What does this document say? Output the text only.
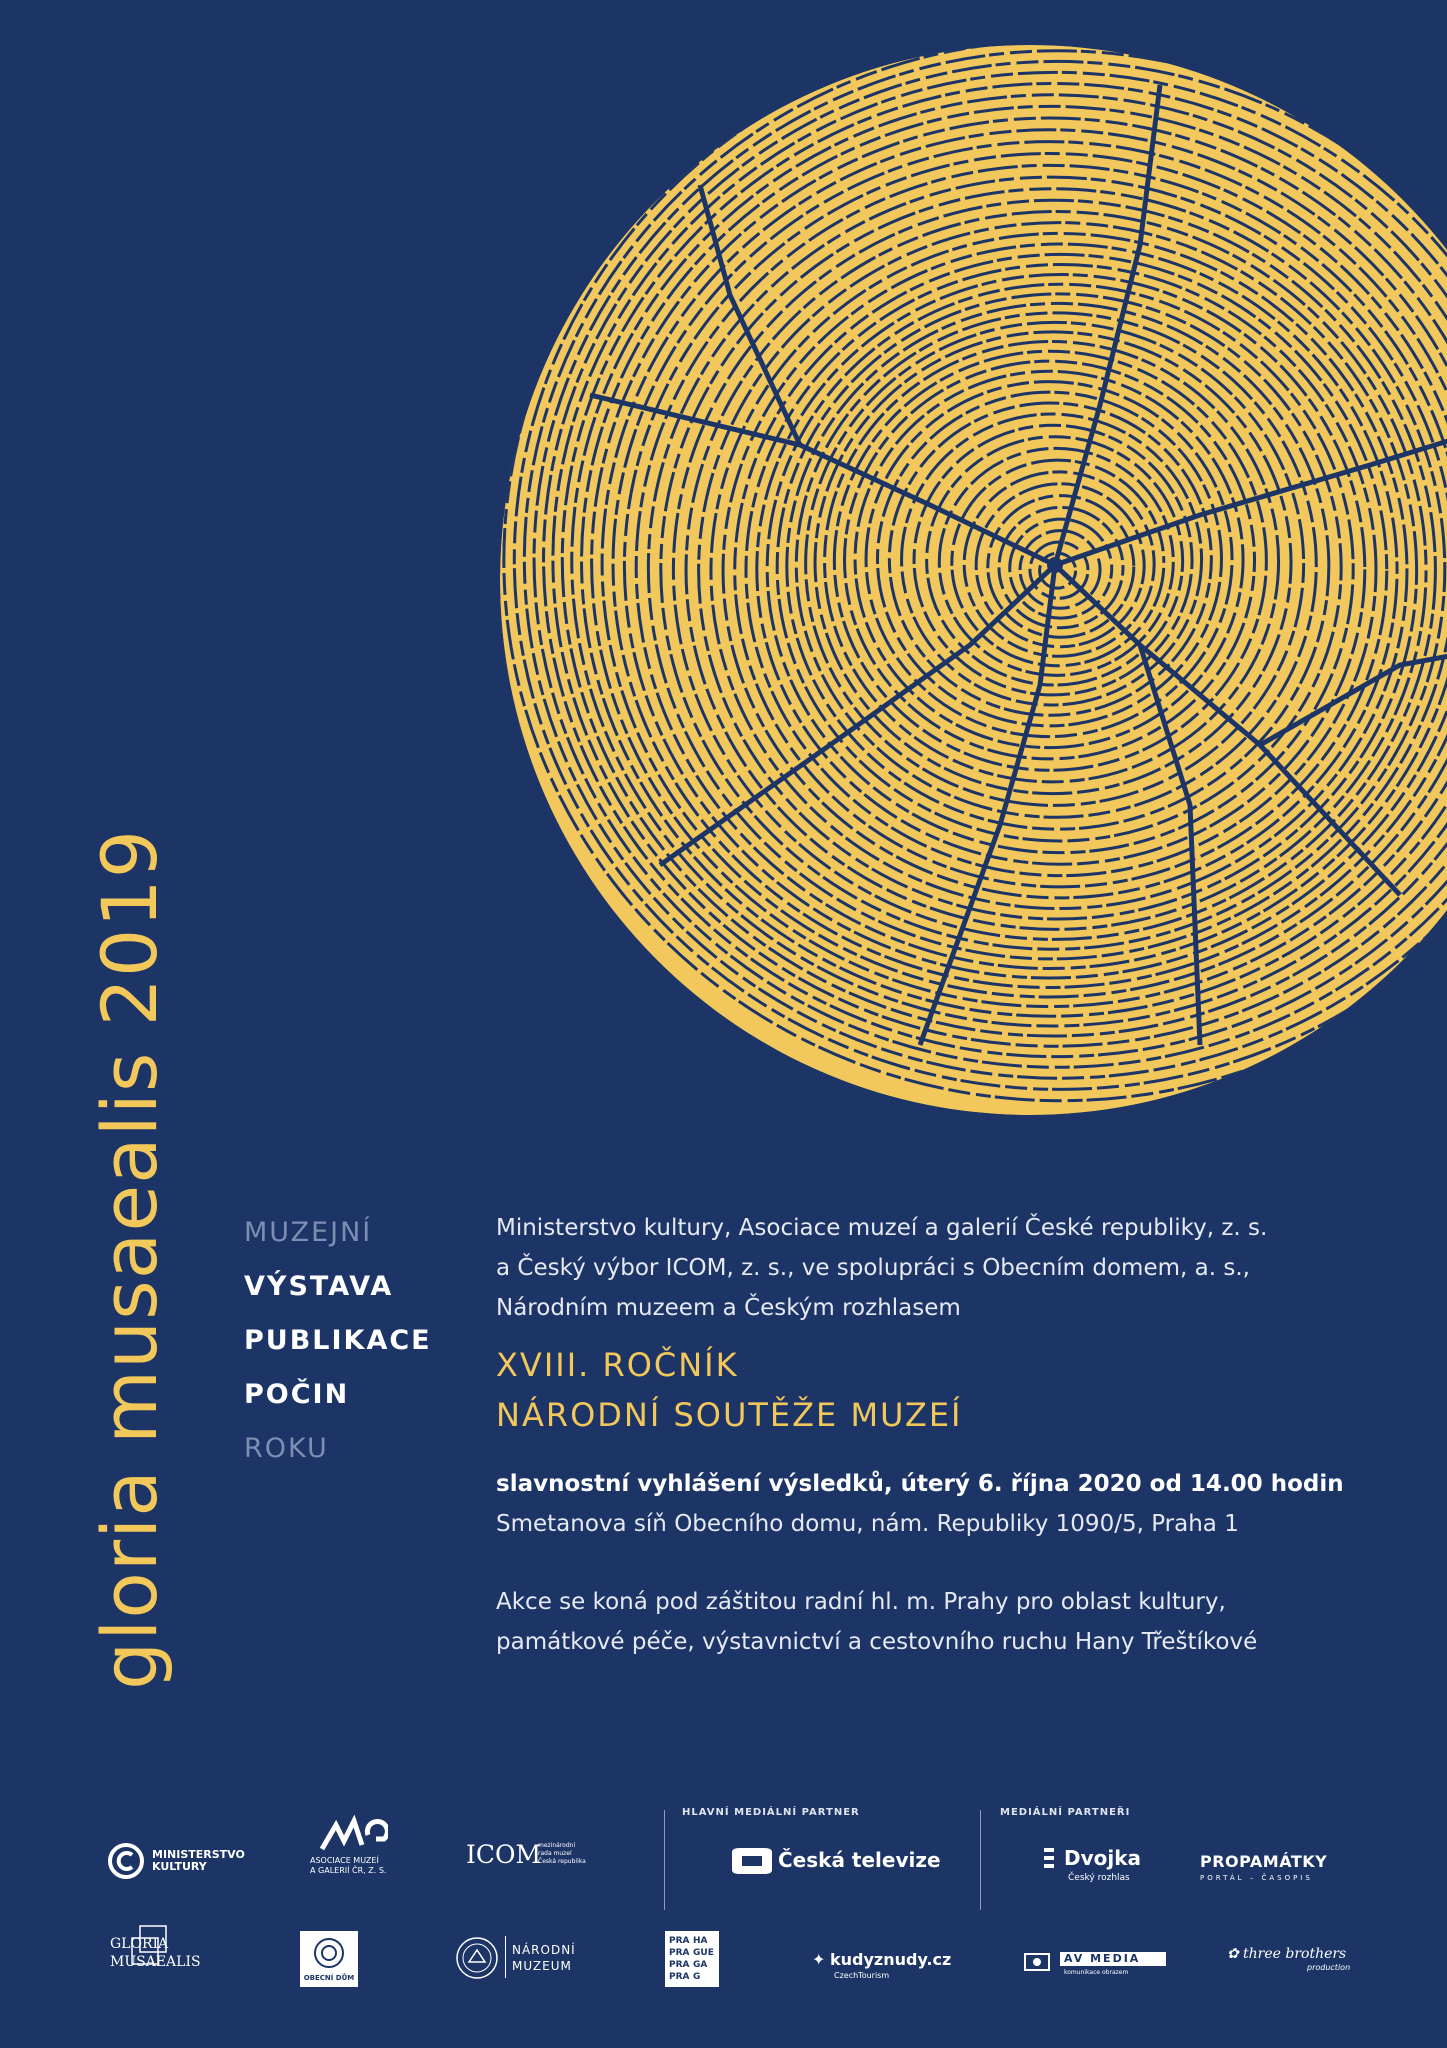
gloria musaealis 2019	MUZEJNÍ
VÝSTAVA
PUBLIKACE
POČIN
ROKU
Ministerstvo kultury, Asociace muzeí a galerií České republiky, z. s.
a Český výbor ICOM, z. s., ve spolupráci s Obecním domem, a. s.,
Národním muzeem a Českým rozhlasem
XVIII. ROČNÍK
NÁRODNÍ SOUTĚŽE MUZEÍ
slavnostní vyhlášení výsledků, úterý 6. října 2020 od 14.00 hodin
Smetanova síň Obecního domu, nám. Republiky 1090/5, Praha 1
Akce se koná pod záštitou radní hl. m. Prahy pro oblast kultury,
památkové péče, výstavnictví a cestovního ruchu Hany Třeštíkové
HLAVNÍ MEDIÁLNÍ PARTNER	MEDIÁLNÍ PARTNEŘI
MINISTERSTVO
KULTURY	ASOCIACE MUZEÍ
A GALERIÍ ČR, Z. S.
ICOM
mezinárodní
rada muzeí
Česká republika	Česká televize	Dvojka
Český rozhlas
PROPAMÁTKY
PORTÁL – ČASOPIS
GLORIA
MUSAEALIS
OBECNÍ DŮM
NÁRODNÍ
MUZEUM
PRA
PRA
PRA
PRA
HA
GUE
GA
G
✦ kudyznudy.cz
CzechTourism
AV MEDIA
komunikace obrazem
✿ three brothers
production
